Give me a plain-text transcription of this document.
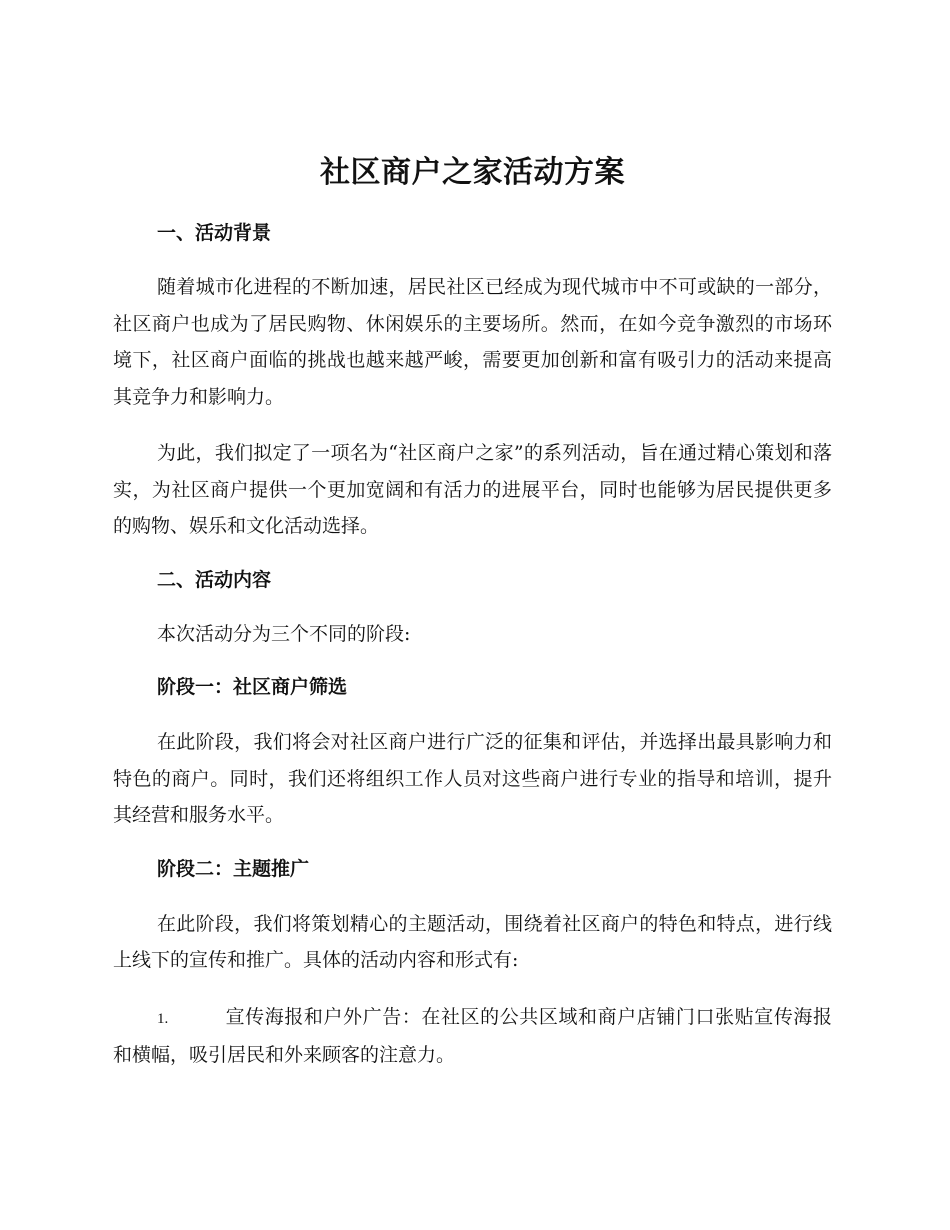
社区商户之家活动方案
一、活动背景

随着城市化进程的不断加速，居民社区已经成为现代城市中不可或缺的一部分，社区商户也成为了居民购物、休闲娱乐的主要场所。然而，在如今竞争激烈的市场环境下，社区商户面临的挑战也越来越严峻，需要更加创新和富有吸引力的活动来提高其竞争力和影响力。

为此，我们拟定了一项名为“社区商户之家”的系列活动，旨在通过精心策划和落实，为社区商户提供一个更加宽阔和有活力的进展平台，同时也能够为居民提供更多的购物、娱乐和文化活动选择。

二、活动内容

本次活动分为三个不同的阶段:

阶段一：社区商户筛选

在此阶段，我们将会对社区商户进行广泛的征集和评估，并选择出最具影响力和特色的商户。同时，我们还将组织工作人员对这些商户进行专业的指导和培训，提升其经营和服务水平。

阶段二：主题推广

在此阶段，我们将策划精心的主题活动，围绕着社区商户的特色和特点，进行线上线下的宣传和推广。具体的活动内容和形式有:

1.	宣传海报和户外广告：在社区的公共区域和商户店铺门口张贴宣传海报和横幅，吸引居民和外来顾客的注意力。
